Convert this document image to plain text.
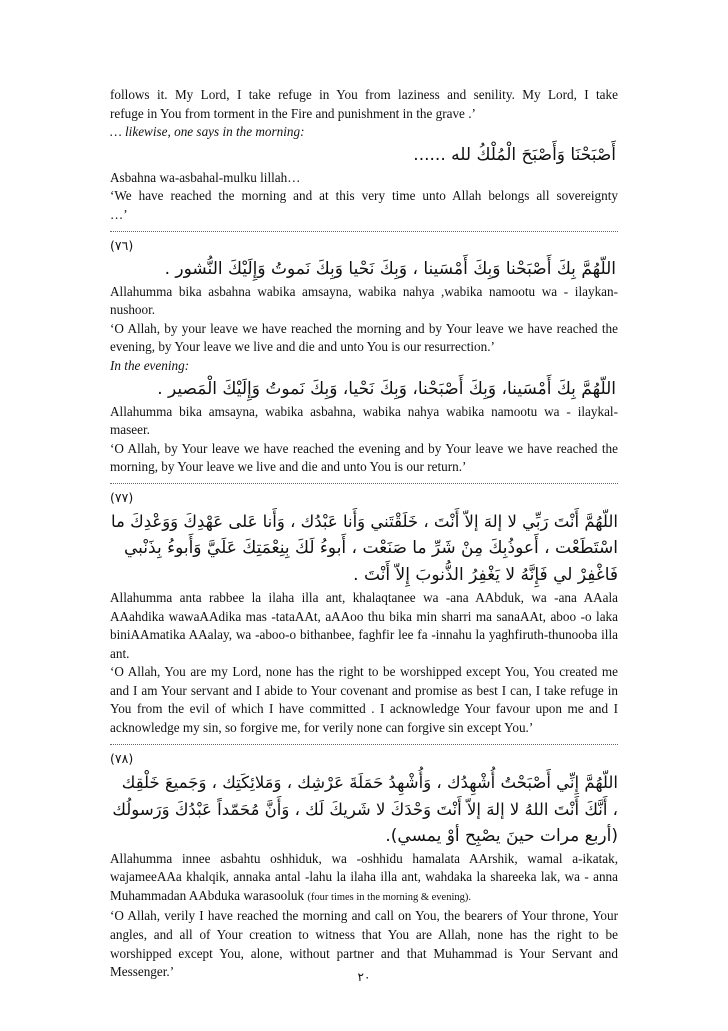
follows it. My Lord, I take refuge in You from laziness and senility. My Lord, I take
refuge in You from torment in the Fire and punishment in the grave .’
… likewise, one says in the morning:
أَصْبَحْنَا وَأَصْبَحَ الْمُلْكُ لله ......
Asbahna wa-asbahal-mulku lillah…
‘We have reached the morning and at this very time unto Allah belongs all sovereignty
…’
(٧٦)
اللّهُمَّ بِكَ أَصْبَحْنا وَبِكَ أَمْسَينا ، وَبِكَ نَحْيا وَبِكَ نَموتُ وَإِلَيْكَ النُّشور .
Allahumma bika asbahna wabika amsayna, wabika nahya ,wabika namootu wa - ilaykan-nushoor.
‘O Allah, by your leave we have reached the morning and by Your leave we have reached the evening, by Your leave we live and die and unto You is our resurrection.’
In the evening:
اللّهُمَّ بِكَ أَمْسَينا، وَبِكَ أَصْبَحْنا، وَبِكَ نَحْيا، وَبِكَ نَموتُ وَإِلَيْكَ الْمَصير .
Allahumma bika amsayna, wabika asbahna, wabika nahya wabika namootu wa - ilaykal-maseer.
‘O Allah, by Your leave we have reached the evening and by Your leave we have reached the morning, by Your leave we live and die and unto You is our return.’
(٧٧)
اللّهُمَّ أَنْتَ رَبِّي لا إلهَ إلاّ أَنْتَ ، خَلَقْتَني وَأَنا عَبْدُك ، وَأَنا عَلى عَهْدِكَ وَوَعْدِكَ ما
اسْتَطَعْت ، أَعوذُبِكَ مِنْ شَرِّ ما صَنَعْت ، أَبوءُ لَكَ بِنِعْمَتِكَ عَلَيَّ وَأَبوءُ بِذَنْبي
فَاغْفِرْ لي فَإِنَّهُ لا يَغْفِرُ الذُّنوبَ إِلاّ أَنْتَ .
Allahumma anta rabbee la ilaha illa ant, khalaqtanee wa -ana AAbduk, wa -ana AAala AAahdika wawaAAdika mas -tataAAt, aAAoo thu bika min sharri ma sanaAAt, aboo -o laka biniAAmatika AAalay, wa -aboo-o bithanbee, faghfir lee fa -innahu la yaghfiruth-thunooba illa ant.
‘O Allah, You are my Lord, none has the right to be worshipped except You, You created me and I am Your servant and I abide to Your covenant and promise as best I can, I take refuge in You from the evil of which I have committed . I acknowledge Your favour upon me and I acknowledge my sin, so forgive me, for verily none can forgive sin except You.’
(٧٨)
اللّهُمَّ إِنِّي أَصْبَحْتُ أُشْهِدُك ، وَأُشْهِدُ حَمَلَةَ عَرْشِك ، وَمَلائِكَتِك ، وَجَميعَ خَلْقِك
، أَنَّكَ أَنْتَ اللهُ لا إلهَ إلاّ أَنْتَ وَحْدَكَ لا شَريكَ لَك ، وَأَنَّ مُحَمّداً عَبْدُكَ وَرَسولُك
(أربع مرات حينَ يصْبِح أوْ يمسي).
Allahumma innee asbahtu oshhiduk, wa -oshhidu hamalata AArshik, wamal a-ikatak, wajameeAAa khalqik, annaka antal -lahu la ilaha illa ant, wahdaka la shareeka lak, wa - anna Muhammadan AAbduka warasooluk (four times in the morning & evening).
‘O Allah, verily I have reached the morning and call on You, the bearers of Your throne, Your angles, and all of Your creation to witness that You are Allah, none has the right to be worshipped except You, alone, without partner and that Muhammad is Your Servant and Messenger.’	٢٠
